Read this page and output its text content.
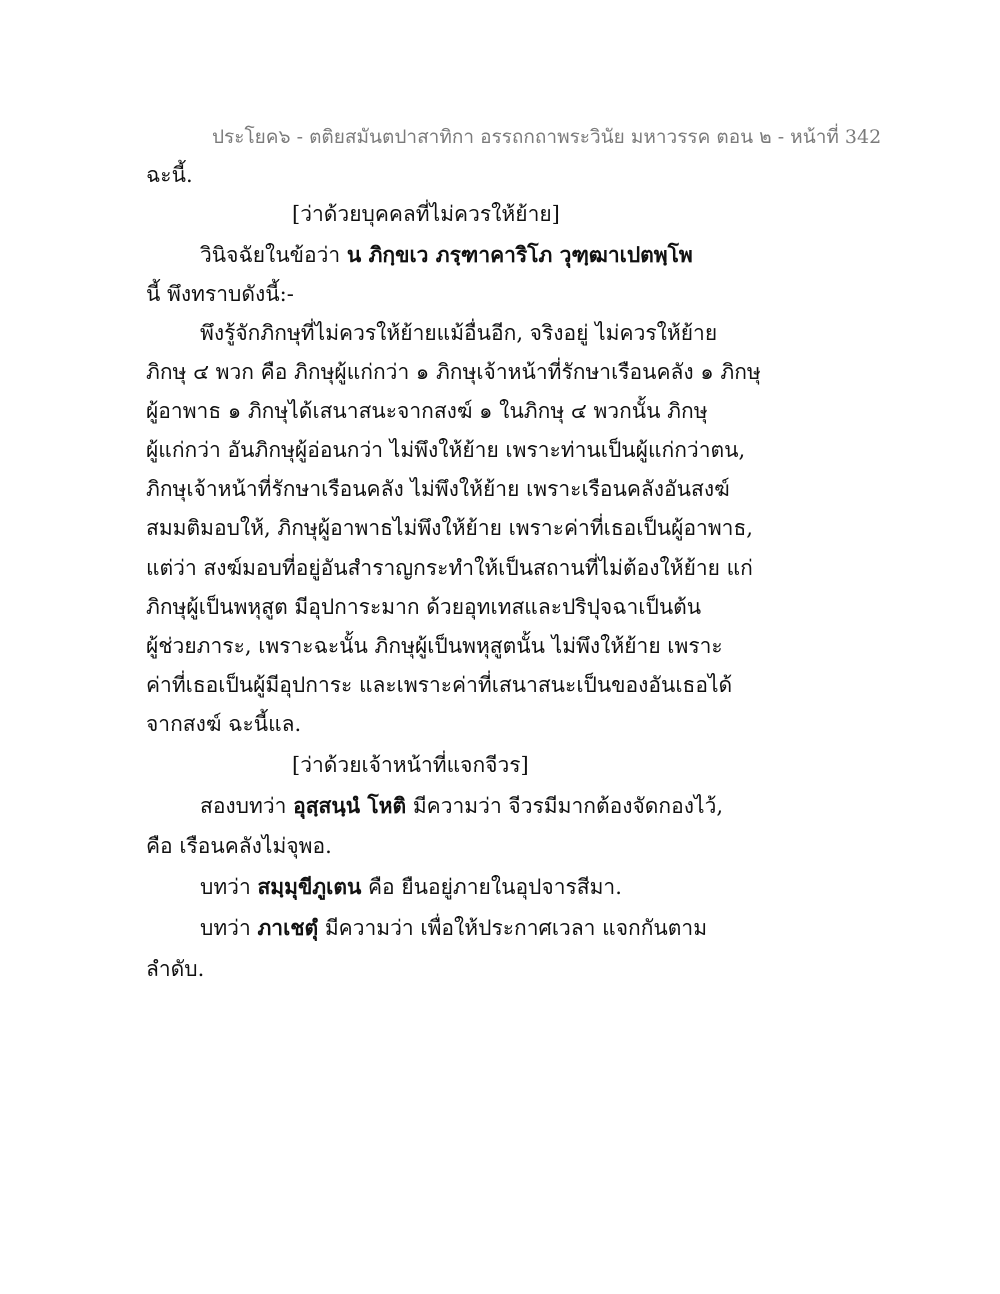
ประโยค๖ - ตติยสมันตปาสาทิกา อรรถกถาพระวินัย มหาวรรค ตอน ๒ - หน้าที่ 342
ฉะนี้.
[ว่าด้วยบุคคลที่ไม่ควรให้ย้าย]
วินิจฉัยในข้อว่า น ภิกฺขเว ภรฺฑาคาริโภ วุฑฺฒาเปตพฺโพ
นี้ พึงทราบดังนี้:-
พึงรู้จักภิกษุที่ไม่ควรให้ย้ายแม้อื่นอีก, จริงอยู่ ไม่ควรให้ย้าย
ภิกษุ ๔ พวก คือ ภิกษุผู้แก่กว่า ๑ ภิกษุเจ้าหน้าที่รักษาเรือนคลัง ๑ ภิกษุ
ผู้อาพาธ ๑ ภิกษุได้เสนาสนะจากสงฆ์ ๑ ในภิกษุ ๔ พวกนั้น ภิกษุ
ผู้แก่กว่า อันภิกษุผู้อ่อนกว่า ไม่พึงให้ย้าย เพราะท่านเป็นผู้แก่กว่าตน,
ภิกษุเจ้าหน้าที่รักษาเรือนคลัง ไม่พึงให้ย้าย เพราะเรือนคลังอันสงฆ์
สมมติมอบให้, ภิกษุผู้อาพาธไม่พึงให้ย้าย เพราะค่าที่เธอเป็นผู้อาพาธ,
แต่ว่า สงฆ์มอบที่อยู่อันสำราญกระทำให้เป็นสถานที่ไม่ต้องให้ย้าย แก่
ภิกษุผู้เป็นพหุสูต มีอุปการะมาก ด้วยอุทเทสและปริปุจฉาเป็นต้น
ผู้ช่วยภาระ, เพราะฉะนั้น ภิกษุผู้เป็นพหุสูตนั้น ไม่พึงให้ย้าย เพราะ
ค่าที่เธอเป็นผู้มีอุปการะ และเพราะค่าที่เสนาสนะเป็นของอันเธอได้
จากสงฆ์ ฉะนี้แล.
[ว่าด้วยเจ้าหน้าที่แจกจีวร]
สองบทว่า อุสฺสนฺนํ โหติ มีความว่า จีวรมีมากต้องจัดกองไว้,
คือ เรือนคลังไม่จุพอ.
บทว่า สมฺมุขีภูเตน คือ ยืนอยู่ภายในอุปจารสีมา.
บทว่า ภาเชตุํ มีความว่า เพื่อให้ประกาศเวลา แจกกันตาม
ลำดับ.
